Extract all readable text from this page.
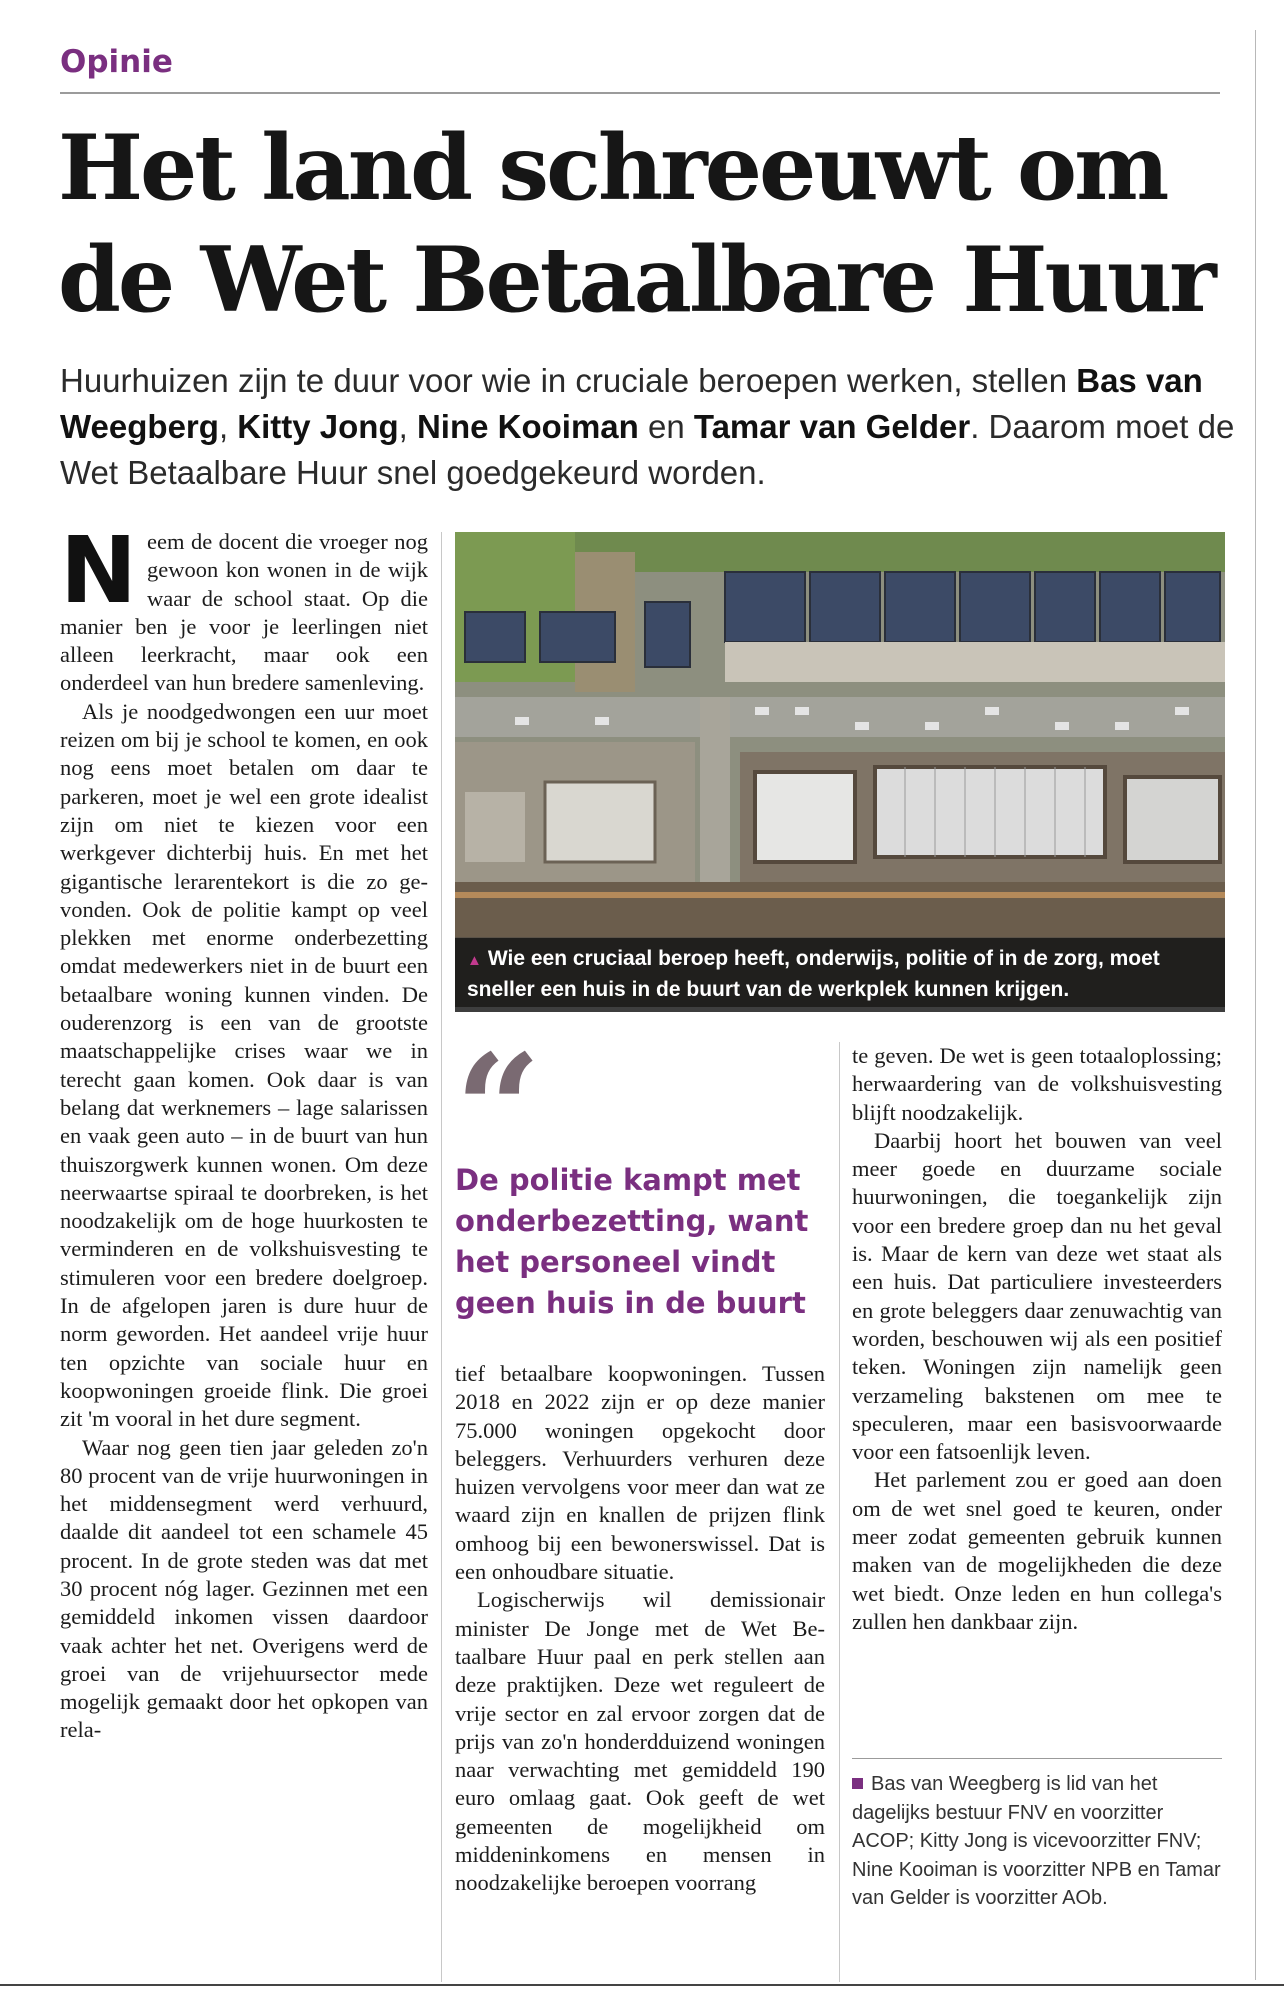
Opinie
Het land schreeuwt om de Wet Betaalbare Huur

Huurhuizen zijn te duur voor wie in cruciale beroepen werken, stellen Bas van Weegberg, Kitty Jong, Nine Kooiman en Tamar van Gelder. Daarom moet de Wet Betaalbare Huur snel goedgekeurd worden.

Neem de docent die vroeger nog gewoon kon wonen in de wijk waar de school staat. Op die manier ben je voor je leerlingen niet alleen leerkracht, maar ook een onderdeel van hun bredere samenleving.

Als je noodgedwongen een uur moet reizen om bij je school te komen, en ook nog eens moet betalen om daar te parkeren, moet je wel een grote idealist zijn om niet te kiezen voor een werkgever dichterbij huis. En met het gigantische lerarentekort is die zo gevonden. Ook de politie kampt op veel plekken met enorme onderbezetting omdat medewerkers niet in de buurt een betaalbare woning kunnen vinden. De ouderenzorg is een van de grootste maatschappelijke crises waar we in terecht gaan komen. Ook daar is van belang dat werknemers – lage salarissen en vaak geen auto – in de buurt van hun thuiszorgwerk kunnen wonen. Om deze neerwaartse spiraal te doorbreken, is het noodzakelijk om de hoge huurkosten te verminderen en de volkshuisvesting te stimuleren voor een bredere doelgroep. In de afgelopen jaren is dure huur de norm geworden. Het aandeel vrije huur ten opzichte van sociale huur en koopwoningen groeide flink. Die groei zit 'm vooral in het dure segment.

Waar nog geen tien jaar geleden zo'n 80 procent van de vrije huurwoningen in het middensegment werd verhuurd, daalde dit aandeel tot een schamele 45 procent. In de grote steden was dat met 30 procent nóg lager. Gezinnen met een gemiddeld inkomen vissen daardoor vaak achter het net. Overigens werd de groei van de vrijehuursector mede mogelijk gemaakt door het opkopen van rela-

▲ Wie een cruciaal beroep heeft, onderwijs, politie of in de zorg, moet sneller een huis in de buurt van de werkplek kunnen krijgen.
“

De politie kampt met onderbezetting, want het personeel vindt geen huis in de buurt

tief betaalbare koopwoningen. Tussen 2018 en 2022 zijn er op deze manier 75.000 woningen opgekocht door beleggers. Verhuurders verhuren deze huizen vervolgens voor meer dan wat ze waard zijn en knallen de prijzen flink omhoog bij een bewonerswissel. Dat is een onhoudbare situatie.

Logischerwijs wil demissionair minister De Jonge met de Wet Betaalbare Huur paal en perk stellen aan deze praktijken. Deze wet reguleert de vrije sector en zal ervoor zorgen dat de prijs van zo'n honderdduizend woningen naar verwachting met gemiddeld 190 euro omlaag gaat. Ook geeft de wet gemeenten de mogelijkheid om middeninkomens en mensen in noodzakelijke beroepen voorrang

te geven. De wet is geen totaaloplossing; herwaardering van de volkshuisvesting blijft noodzakelijk.

Daarbij hoort het bouwen van veel meer goede en duurzame sociale huurwoningen, die toegankelijk zijn voor een bredere groep dan nu het geval is. Maar de kern van deze wet staat als een huis. Dat particuliere investeerders en grote beleggers daar zenuwachtig van worden, beschouwen wij als een positief teken. Woningen zijn namelijk geen verzameling bakstenen om mee te speculeren, maar een basisvoorwaarde voor een fatsoenlijk leven.

Het parlement zou er goed aan doen om de wet snel goed te keuren, onder meer zodat gemeenten gebruik kunnen maken van de mogelijkheden die deze wet biedt. Onze leden en hun collega's zullen hen dankbaar zijn.

Bas van Weegberg is lid van het dagelijks bestuur FNV en voorzitter ACOP; Kitty Jong is vicevoorzitter FNV; Nine Kooiman is voorzitter NPB en Tamar van Gelder is voorzitter AOb.
